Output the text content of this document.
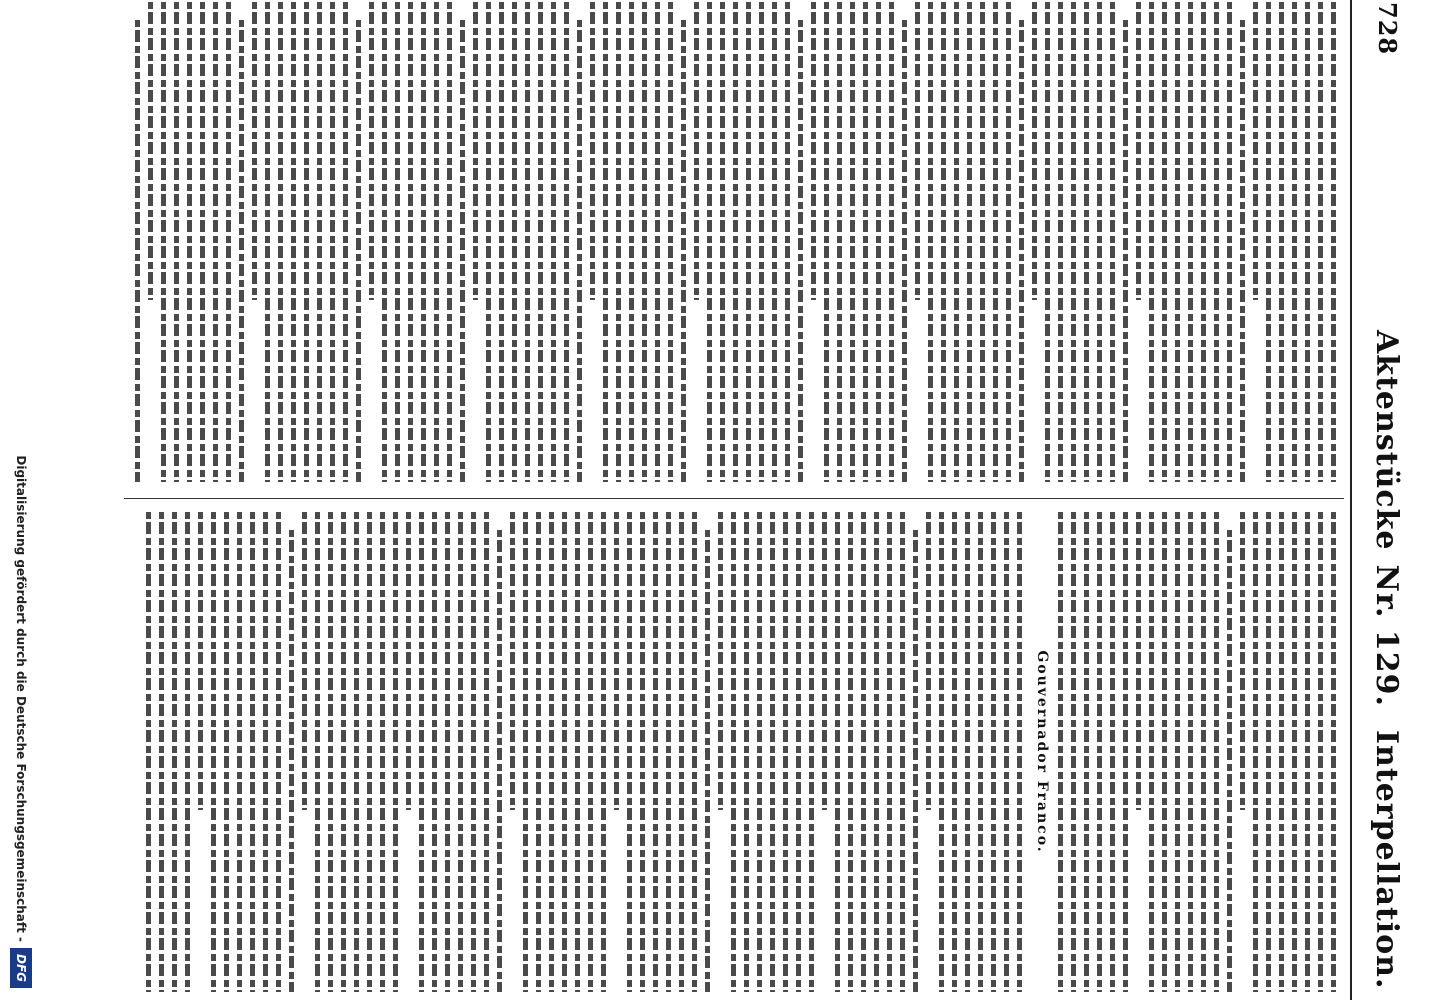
728
AktenstückeNr. 129.
Interpellation.
Gouvernador Franco.
Digitalisierung gefördert durch die Deutsche Forschungsgemeinschaft -
DFG
